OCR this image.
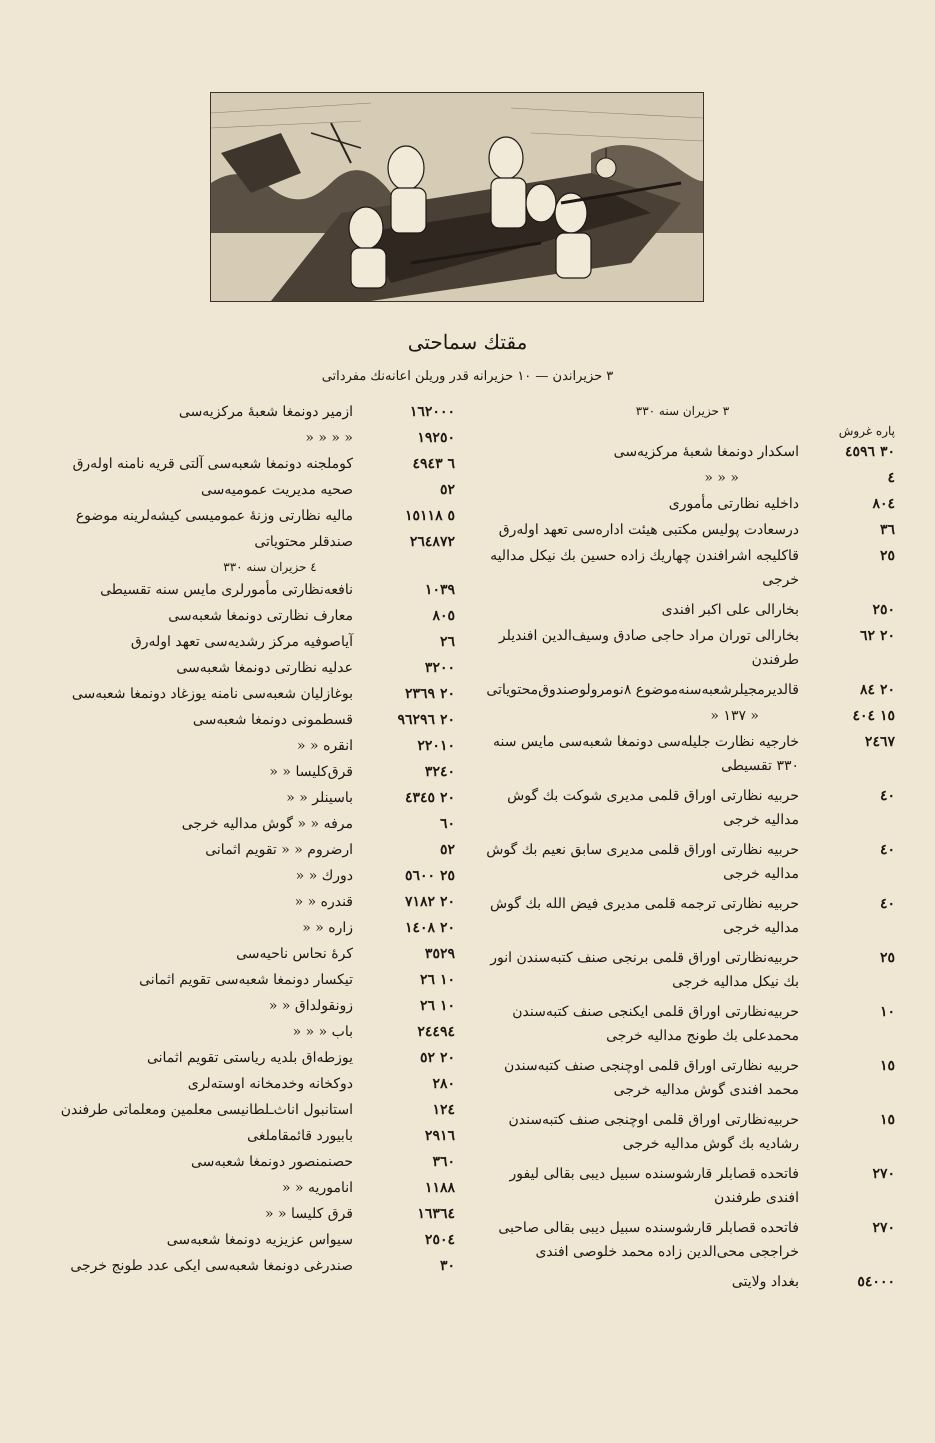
مقتك سماحتى
٣ حزیراندن — ١٠ حزیرانه قدر وریلن اعانه‌نك مفرداتی
٣ حزیران سنه ٣٣٠
پاره غروش
٣٠ ٤٥٩٦
اسکدار دونمغا شعبهٔ مرکزیه‌سی
٤
« « «
٨٠٤
داخلیه نظارتی مأموری
٣٦
درسعادت پولیس مکتبی هیئت اداره‌سی تعهد اوله‌رق
٢٥
قاکلیجه اشرافندن چهاریك زاده حسین بك نیکل مداليه خرجی
٢٥٠
بخارالی علی اکبر افندی
٢٠ ٦٢
بخارالی توران مراد حاجی صادق وسیف‌الدین افندیلر طرفندن
٢٠ ٨٤
قالدیرمجیلرشعبه‌سنه‌موضوع ٨نومرولوصندوق‌محتویاتی
١٥ ٤٠٤
« ١٣٧ «
٢٤٦٧
خارجیه نظارت جلیله‌سی دونمغا شعبه‌سی مایس سنه ٣٣٠ تقسیطی
٤٠
حربیه نظارتی اوراق قلمی مدیری شوکت بك گوش مداليه خرجی
٤٠
حربیه نظارتی اوراق قلمی مدیری سابق نعیم بك گوش مداليه خرجی
٤٠
حربیه نظارتی ترجمه قلمی مدیری فیض الله بك گوش مداليه خرجی
٢٥
حربیه‌نظارتی اوراق قلمی برنجی صنف کتبه‌سندن انور بك نیکل مداليه خرجی
١٠
حربیه‌نظارتی اوراق قلمی ایکنجی صنف کتبه‌سندن محمدعلی بك طونج مداليه خرجی
١٥
حربیه نظارتی اوراق قلمی اوچنجی صنف کتبه‌سندن محمد افندی گوش مداليه خرجی
١٥
حربیه‌نظارتی اوراق قلمی اوچنجی صنف کتبه‌سندن رشادیه بك گوش مداليه خرجی
٢٧٠
فاتحده قصابلر قارشوسنده سبیل دیبی بقالی لیفور افندی طرفندن
٢٧٠
فاتحده قصابلر قارشوسنده سبیل دیبی بقالی صاحبی خراججی محی‌الدین زاده محمد خلوصی افندی
٥٤٠٠٠
بغداد ولایتی
١٦٢٠٠٠
ازمیر دونمغا شعبهٔ مرکزیه‌سی
١٩٢٥٠
« « « «
٦ ٤٩٤٣
کوملجنه دونمغا شعبه‌سی آلتی قریه نامنه اوله‌رق
٥٢
صحیه مدیریت عمومیه‌سی
٥ ١٥١١٨
مالیه نظارتی وزنهٔ عمومیسی کیشه‌لرینه موضوع
٢٦٤٨٧٢
صندقلر محتویاتی
٤ حزیران سنه ٣٣٠
١٠٣٩
نافعه‌نظارتی مأمورلری مایس سنه تقسیطی
٨٠٥
معارف نظارتی دونمغا شعبه‌سی
٢٦
آیاصوفیه مرکز رشدیه‌سی تعهد اوله‌رق
٣٢٠٠
عدلیه نظارتی دونمغا شعبه‌سی
٢٠ ٢٣٦٩
بوغازلیان شعبه‌سی نامنه یوزغاد دونمغا شعبه‌سی
٢٠ ٩٦٢٩٦
قسطمونی دونمغا شعبه‌سی
٢٢٠١٠
انقره « «
٣٢٤٠
قرق‌کلیسا « «
٢٠ ٤٣٤٥
باسینلر « «
٦٠
مرفه « « گوش مداليه خرجی
٥٢
ارضروم « « تقویم اثمانی
٢٥ ٥٦٠٠
دورك « «
٢٠ ٧١٨٢
قندره « «
٢٠ ١٤٠٨
زاره « «
٣٥٢٩
کرهٔ نحاس ناحیه‌سی
١٠ ٢٦
تیکسار دونمغا شعبه‌سی تقویم اثمانی
١٠ ٢٦
زونقولداق « «
٢٤٤٩٤
باب « « «
٢٠ ٥٢
یوزطه‌اق بلدیه ریاستی تقویم اثمانی
٢٨٠
دوکخانه وخدمخانه اوسته‌لری
١٢٤
استانبول اناث‌ـلطانیسی معلمین ومعلماتی طرفندن
٢٩١٦
بابیورد قائمقاملغی
٣٦٠
حصنمنصور دونمغا شعبه‌سی
١١٨٨
اناموریه « «
١٦٣٦٤
قرق کلیسا « «
٢٥٠٤
سیواس عزیزیه دونمغا شعبه‌سی
٣٠
صندرغی دونمغا شعبه‌سی ایکی عدد طونج خرجی
